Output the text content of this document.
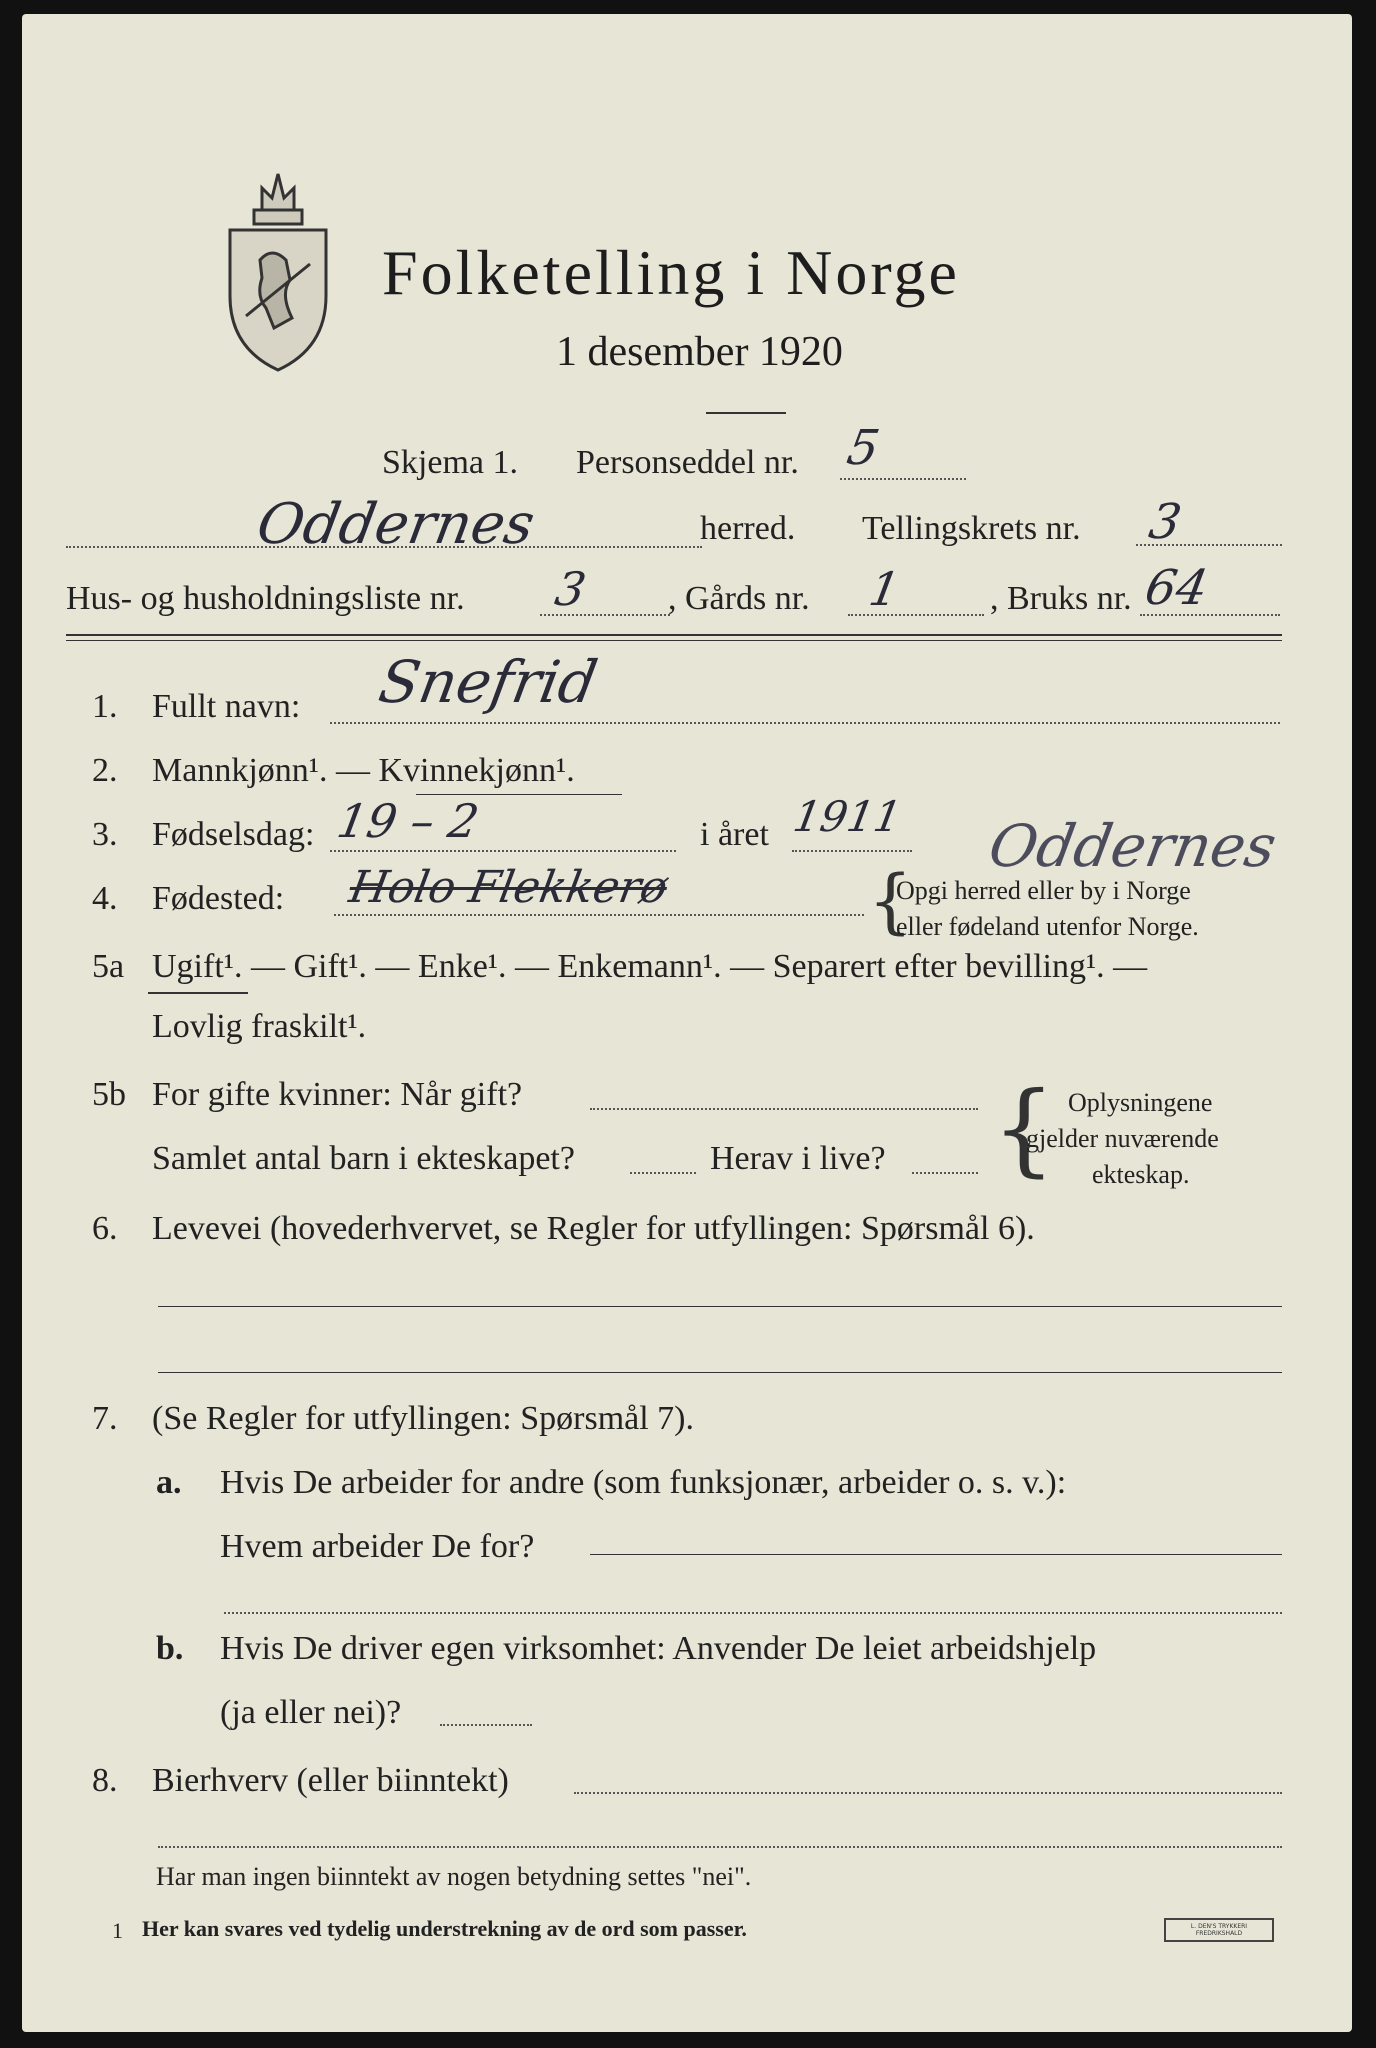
Folketelling i Norge
1 desember 1920
Skjema 1. Personseddel nr. 5
Oddernes	herred. Tellingskrets nr. 3
Hus- og husholdningsliste nr. 3 , Gårds nr. 1	, Bruks nr. 64
1. Fullt navn: Snefrid
2. Mannkjønn¹. — Kvinnekjønn¹.
3. Fødselsdag: 19 – 2	i året 1911
4. Fødested: Holo Flekkerø
Oddernes
{
Opgi herred eller by i Norge
eller fødeland utenfor Norge.
5a Ugift¹. — Gift¹. — Enke¹. — Enkemann¹. — Separert efter bevilling¹. —
Lovlig fraskilt¹.
5b For gifte kvinner: Når gift?
Samlet antal barn i ekteskapet?	Herav i live? { Oplysningene
gjelder nuværende
ekteskap.
6. Levevei (hovederhvervet, se Regler for utfyllingen: Spørsmål 6).
7. (Se Regler for utfyllingen: Spørsmål 7).
a. Hvis De arbeider for andre (som funksjonær, arbeider o. s. v.):
Hvem arbeider De for?
b. Hvis De driver egen virksomhet: Anvender De leiet arbeidshjelp
(ja eller nei)?
8. Bierhverv (eller biinntekt)
Har man ingen biinntekt av nogen betydning settes "nei".
1 Her kan svares ved tydelig understrekning av de ord som passer.	L. DEN'S TRYKKERI FREDRIKSHALD
